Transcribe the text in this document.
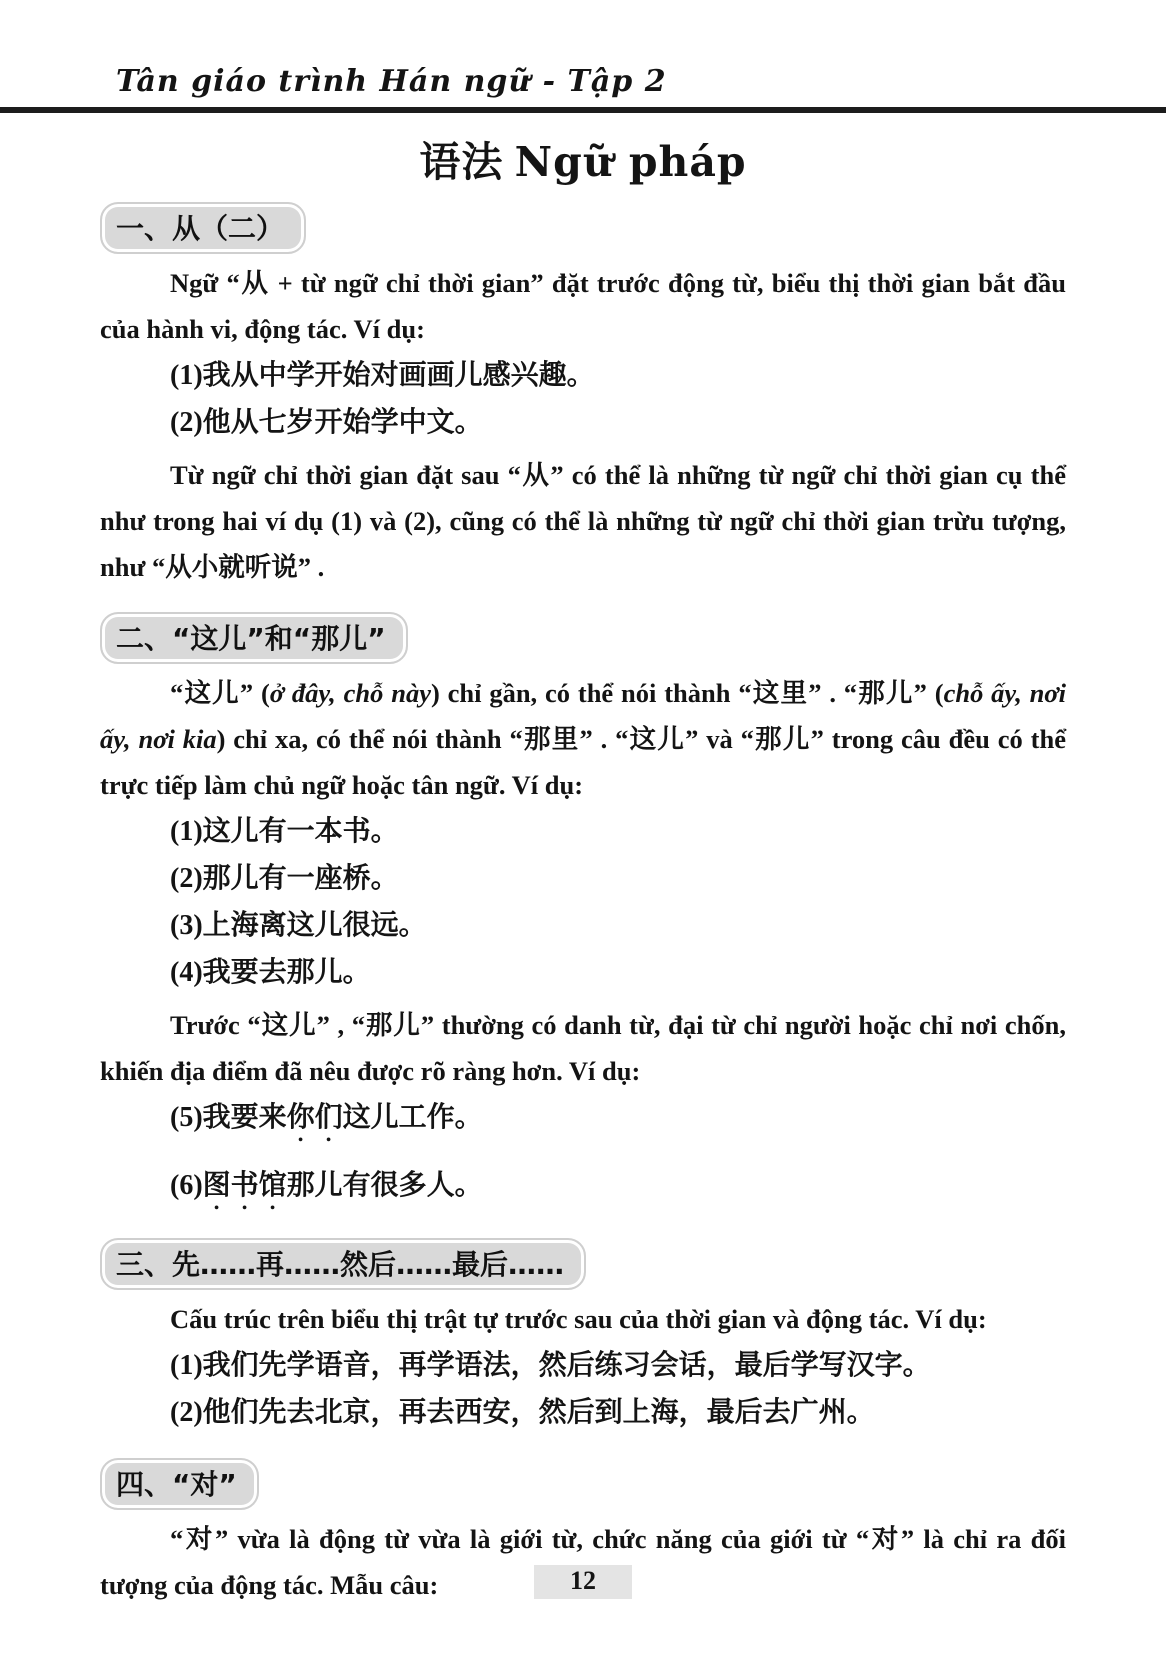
Tân giáo trình Hán ngữ - Tập 2
语法 Ngữ pháp
一、从（二）

Ngữ “从 + từ ngữ chỉ thời gian” đặt trước động từ, biểu thị thời gian bắt đầu của hành vi, động tác. Ví dụ:

(1)我从中学开始对画画儿感兴趣。
(2)他从七岁开始学中文。

Từ ngữ chỉ thời gian đặt sau “从” có thể là những từ ngữ chỉ thời gian cụ thể như trong hai ví dụ (1) và (2), cũng có thể là những từ ngữ chỉ thời gian trừu tượng, như “从小就听说” .

二、“这儿”和“那儿”

“这儿” (ở đây, chỗ này) chỉ gần, có thể nói thành “这里” . “那儿” (chỗ ấy, nơi ấy, nơi kia) chỉ xa, có thể nói thành “那里” . “这儿” và “那儿” trong câu đều có thể trực tiếp làm chủ ngữ hoặc tân ngữ. Ví dụ:

(1)这儿有一本书。
(2)那儿有一座桥。
(3)上海离这儿很远。
(4)我要去那儿。

Trước “这儿” , “那儿” thường có danh từ, đại từ chỉ người hoặc chỉ nơi chốn, khiến địa điểm đã nêu được rõ ràng hơn. Ví dụ:

(5)我要来你们这儿工作。
(6)图书馆那儿有很多人。
三、先……再……然后……最后……

Cấu trúc trên biểu thị trật tự trước sau của thời gian và động tác. Ví dụ:

(1)我们先学语音，再学语法，然后练习会话，最后学写汉字。
(2)他们先去北京，再去西安，然后到上海，最后去广州。
四、“对”

“对” vừa là động từ vừa là giới từ, chức năng của giới từ “对” là chỉ ra đối tượng của động tác. Mẫu câu:	12
